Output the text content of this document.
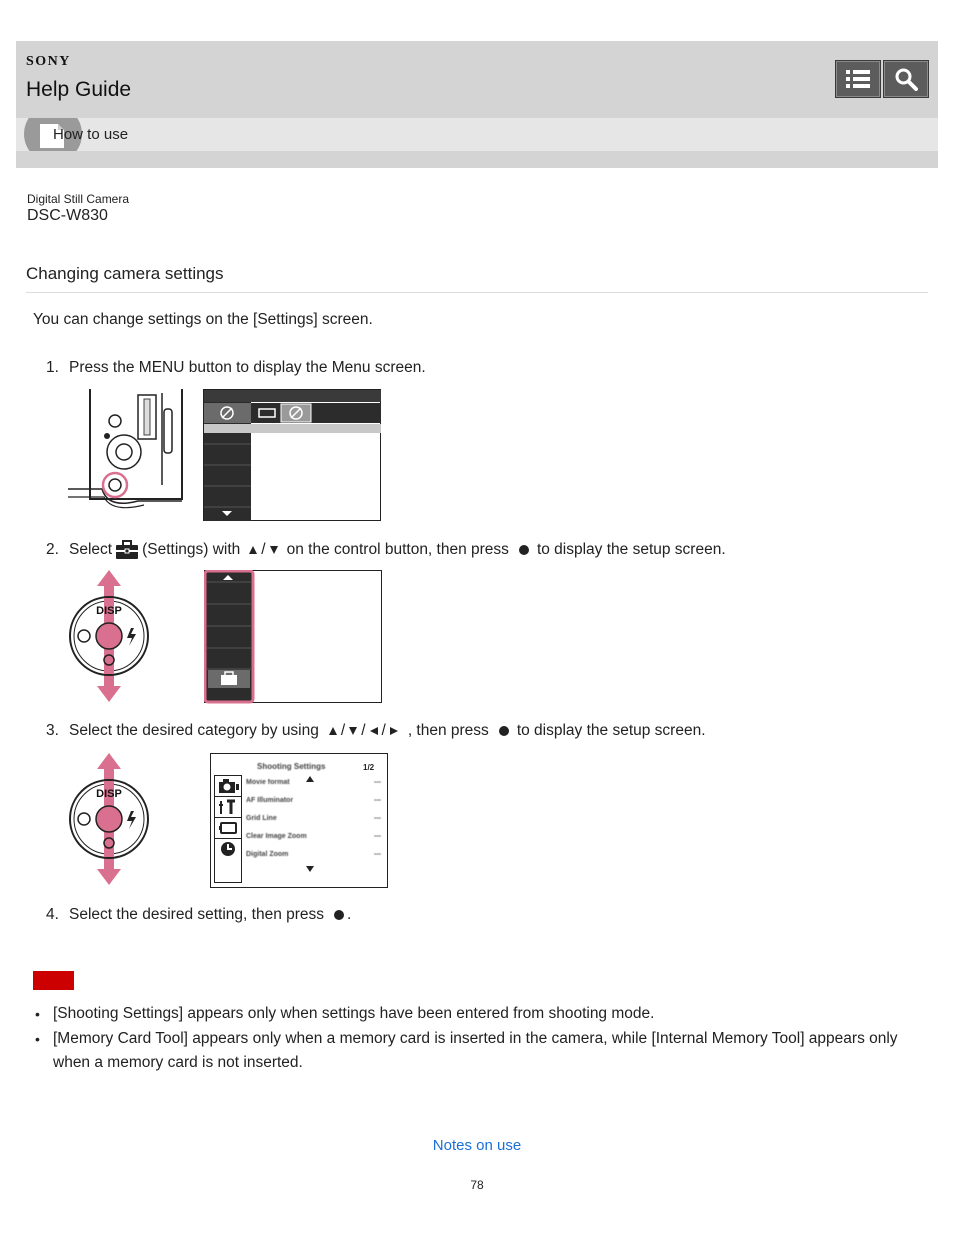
SONY
Help Guide
How to use
Digital Still Camera
DSC-W830
Changing camera settings
You can change settings on the [Settings] screen.
1. Press the MENU button to display the Menu screen.
2. Select (Settings) with / on the control button, then press to display the setup screen.
DISP
3. Select the desired category by using / / / , then press to display the setup screen.
DISP
Shooting Settings	1/2
Movie format	---
AF Illuminator	---
Grid Line	---
Clear Image Zoom	---
Digital Zoom	---
4. Select the desired setting, then press .
• [Shooting Settings] appears only when settings have been entered from shooting mode.
• [Memory Card Tool] appears only when a memory card is inserted in the camera, while [Internal Memory Tool] appears only when a memory card is not inserted.
Notes on use
78
